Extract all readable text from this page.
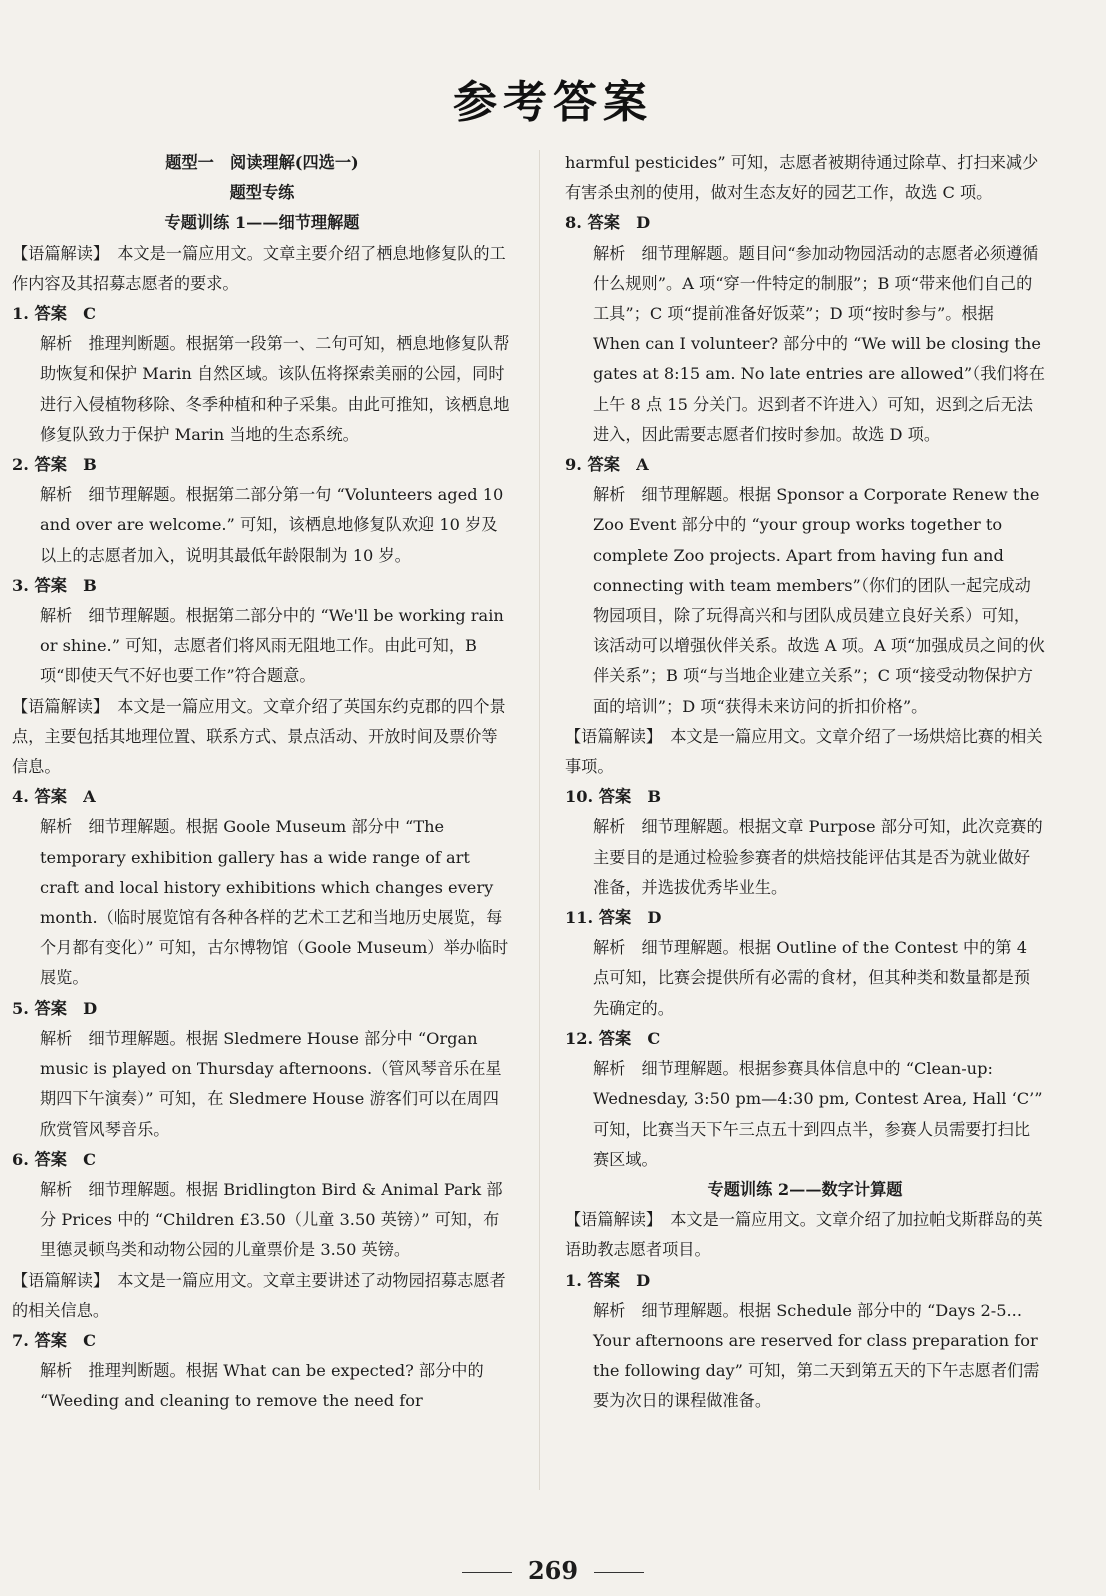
参考答案

题型一　阅读理解(四选一)

题型专练

专题训练 1——细节理解题

【语篇解读】　本文是一篇应用文。文章主要介绍了栖息地修复队的工作内容及其招募志愿者的要求。

1. 答案　C

解析　推理判断题。根据第一段第一、二句可知，栖息地修复队帮助恢复和保护 Marin 自然区域。该队伍将探索美丽的公园，同时进行入侵植物移除、冬季种植和种子采集。由此可推知，该栖息地修复队致力于保护 Marin 当地的生态系统。

2. 答案　B

解析　细节理解题。根据第二部分第一句 “Volunteers aged 10 and over are welcome.” 可知，该栖息地修复队欢迎 10 岁及以上的志愿者加入，说明其最低年龄限制为 10 岁。

3. 答案　B

解析　细节理解题。根据第二部分中的 “We'll be working rain or shine.” 可知，志愿者们将风雨无阻地工作。由此可知，B 项“即使天气不好也要工作”符合题意。

【语篇解读】　本文是一篇应用文。文章介绍了英国东约克郡的四个景点，主要包括其地理位置、联系方式、景点活动、开放时间及票价等信息。

4. 答案　A

解析　细节理解题。根据 Goole Museum 部分中 “The temporary exhibition gallery has a wide range of art craft and local history exhibitions which changes every month.（临时展览馆有各种各样的艺术工艺和当地历史展览，每个月都有变化）” 可知，古尔博物馆（Goole Museum）举办临时展览。

5. 答案　D

解析　细节理解题。根据 Sledmere House 部分中 “Organ music is played on Thursday afternoons.（管风琴音乐在星期四下午演奏）” 可知，在 Sledmere House 游客们可以在周四欣赏管风琴音乐。

6. 答案　C

解析　细节理解题。根据 Bridlington Bird & Animal Park 部分 Prices 中的 “Children £3.50（儿童 3.50 英镑）” 可知，布里德灵顿鸟类和动物公园的儿童票价是 3.50 英镑。

【语篇解读】　本文是一篇应用文。文章主要讲述了动物园招募志愿者的相关信息。

7. 答案　C

解析　推理判断题。根据 What can be expected? 部分中的 “Weeding and cleaning to remove the need for

harmful pesticides” 可知，志愿者被期待通过除草、打扫来减少有害杀虫剂的使用，做对生态友好的园艺工作，故选 C 项。

8. 答案　D

解析　细节理解题。题目问“参加动物园活动的志愿者必须遵循什么规则”。A 项“穿一件特定的制服”；B 项“带来他们自己的工具”；C 项“提前准备好饭菜”；D 项“按时参与”。根据 When can I volunteer? 部分中的 “We will be closing the gates at 8:15 am. No late entries are allowed”（我们将在上午 8 点 15 分关门。迟到者不许进入）可知，迟到之后无法进入，因此需要志愿者们按时参加。故选 D 项。

9. 答案　A

解析　细节理解题。根据 Sponsor a Corporate Renew the Zoo Event 部分中的 “your group works together to complete Zoo projects. Apart from having fun and connecting with team members”（你们的团队一起完成动物园项目，除了玩得高兴和与团队成员建立良好关系）可知，该活动可以增强伙伴关系。故选 A 项。A 项“加强成员之间的伙伴关系”；B 项“与当地企业建立关系”；C 项“接受动物保护方面的培训”；D 项“获得未来访问的折扣价格”。

【语篇解读】　本文是一篇应用文。文章介绍了一场烘焙比赛的相关事项。

10. 答案　B

解析　细节理解题。根据文章 Purpose 部分可知，此次竞赛的主要目的是通过检验参赛者的烘焙技能评估其是否为就业做好准备，并选拔优秀毕业生。

11. 答案　D

解析　细节理解题。根据 Outline of the Contest 中的第 4 点可知，比赛会提供所有必需的食材，但其种类和数量都是预先确定的。

12. 答案　C

解析　细节理解题。根据参赛具体信息中的 “Clean-up: Wednesday, 3:50 pm—4:30 pm, Contest Area, Hall ‘C’” 可知，比赛当天下午三点五十到四点半，参赛人员需要打扫比赛区域。

专题训练 2——数字计算题

【语篇解读】　本文是一篇应用文。文章介绍了加拉帕戈斯群岛的英语助教志愿者项目。

1. 答案　D

解析　细节理解题。根据 Schedule 部分中的 “Days 2-5... Your afternoons are reserved for class preparation for the following day” 可知，第二天到第五天的下午志愿者们需要为次日的课程做准备。

269
